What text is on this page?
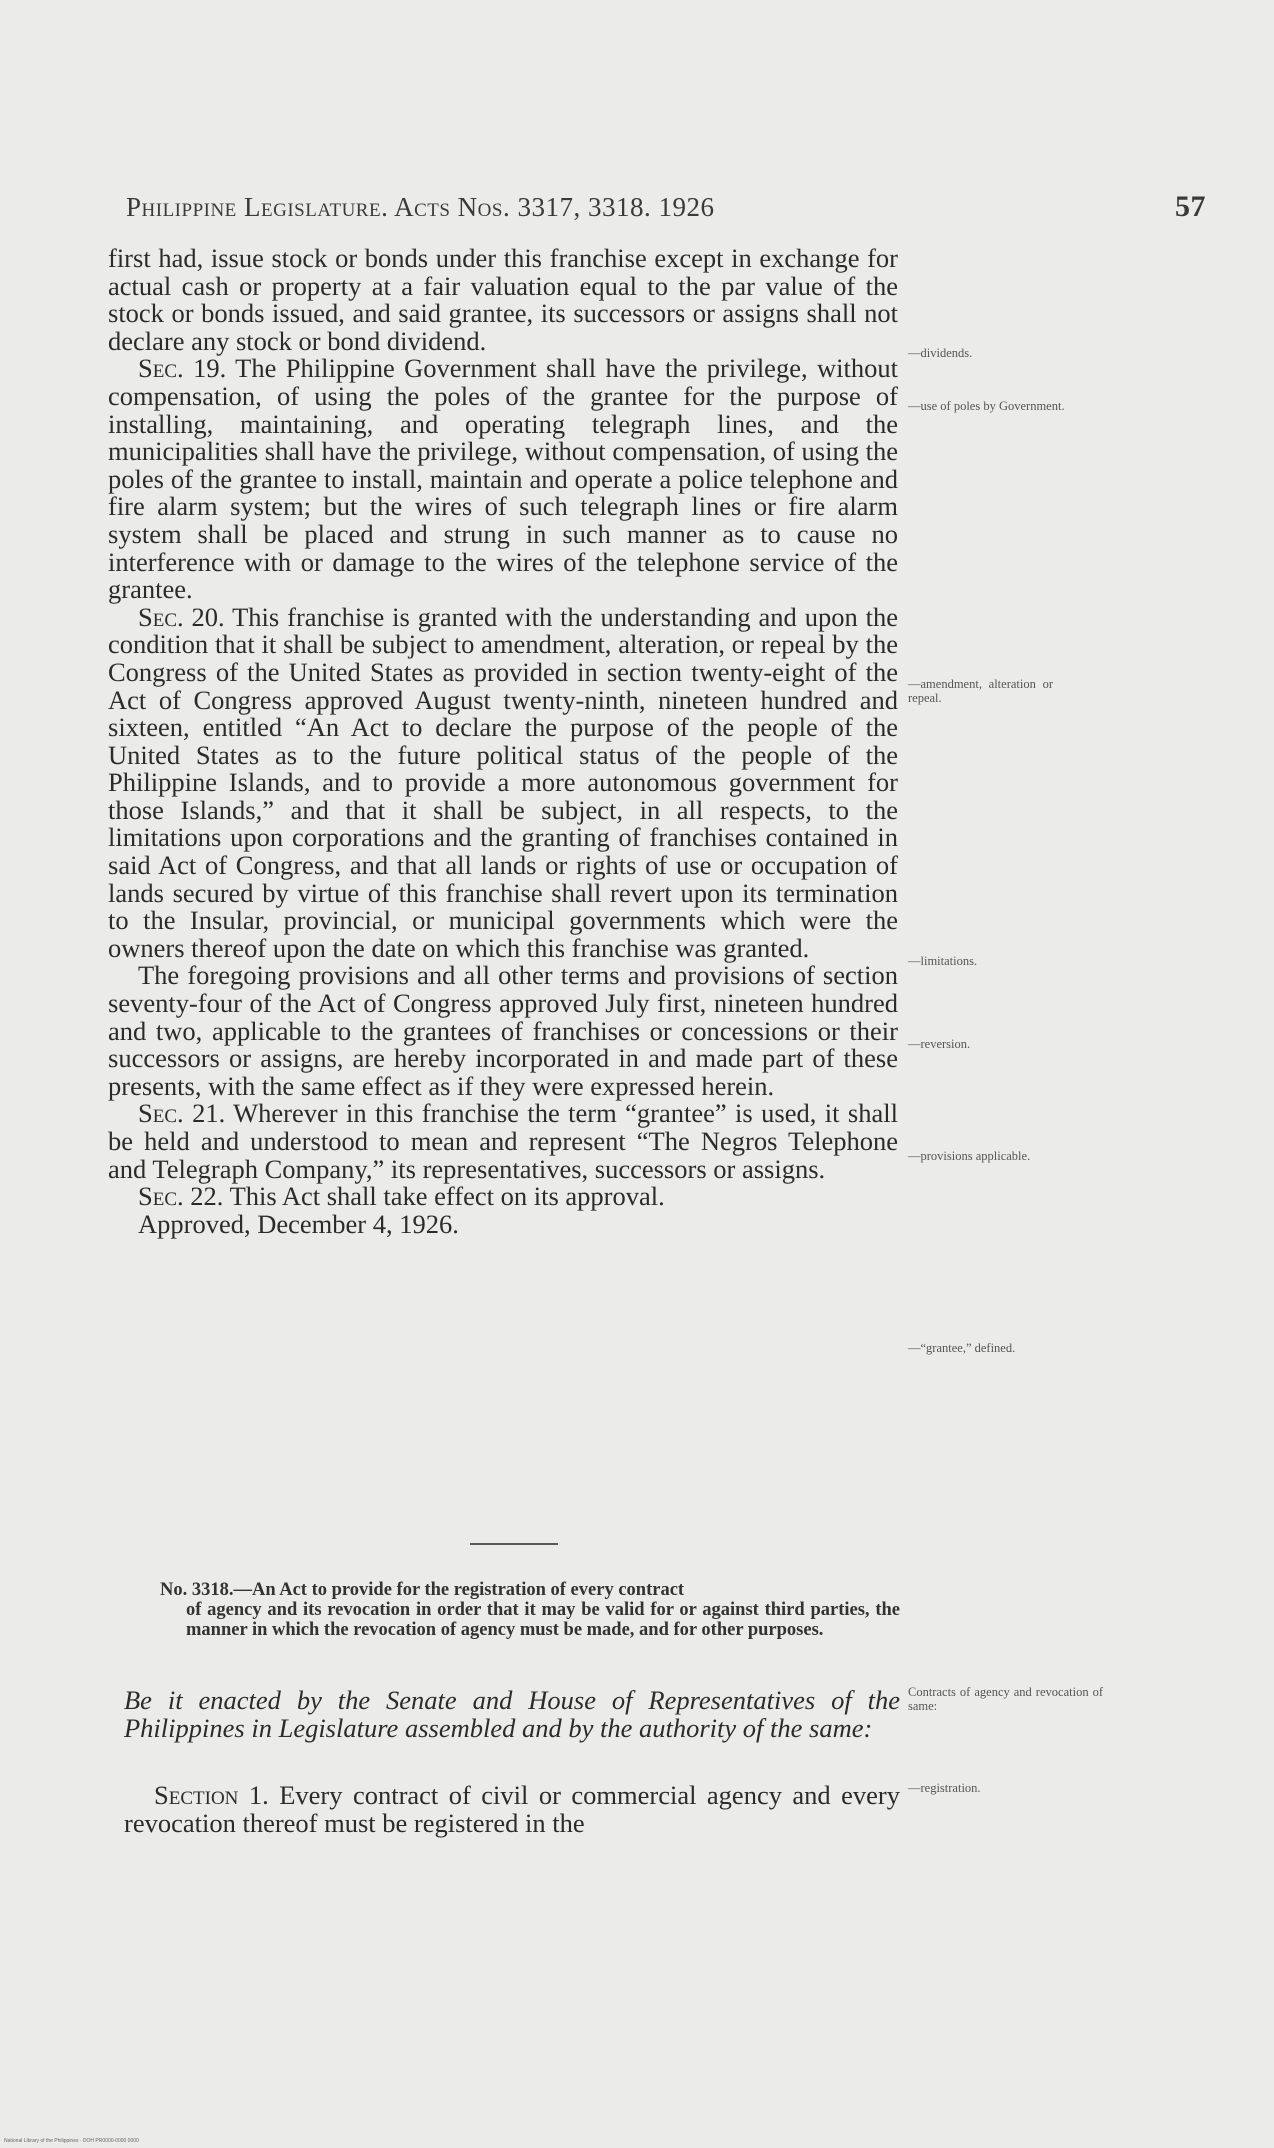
Philippine Legislature. Acts Nos. 3317, 3318. 1926	57

first had, issue stock or bonds under this franchise except in exchange for actual cash or property at a fair valuation equal to the par value of the stock or bonds issued, and said grantee, its successors or assigns shall not declare any stock or bond dividend.

Sec. 19. The Philippine Government shall have the privilege, without compensation, of using the poles of the grantee for the purpose of installing, maintaining, and operating telegraph lines, and the municipalities shall have the privilege, without compensation, of using the poles of the grantee to install, maintain and operate a police telephone and fire alarm system; but the wires of such telegraph lines or fire alarm system shall be placed and strung in such manner as to cause no interference with or damage to the wires of the telephone service of the grantee.

Sec. 20. This franchise is granted with the understanding and upon the condition that it shall be subject to amendment, alteration, or repeal by the Congress of the United States as provided in section twenty-eight of the Act of Congress approved August twenty-ninth, nineteen hundred and sixteen, entitled “An Act to declare the purpose of the people of the United States as to the future political status of the people of the Philippine Islands, and to provide a more autonomous government for those Islands,” and that it shall be subject, in all respects, to the limitations upon corporations and the granting of franchises contained in said Act of Congress, and that all lands or rights of use or occupation of lands secured by virtue of this franchise shall revert upon its termination to the Insular, provincial, or municipal governments which were the owners thereof upon the date on which this franchise was granted.

The foregoing provisions and all other terms and provisions of section seventy-four of the Act of Congress approved July first, nineteen hundred and two, applicable to the grantees of franchises or concessions or their successors or assigns, are hereby incorporated in and made part of these presents, with the same effect as if they were expressed herein.

Sec. 21. Wherever in this franchise the term “grantee” is used, it shall be held and understood to mean and represent “The Negros Telephone and Telegraph Company,” its representatives, successors or assigns.

Sec. 22. This Act shall take effect on its approval.

Approved, December 4, 1926.

—dividends.
—use of poles by Government.
—amendment, alteration or repeal.
—limitations.
—reversion.
—provisions applicable.
—“grantee,” defined.
No. 3318.—An Act to provide for the registration of every contract
of agency and its revocation in order that it may be valid for or against third parties, the manner in which the revocation of agency must be made, and for other purposes.
Be it enacted by the Senate and House of Representatives of the Philippines in Legislature assembled and by the authority of the same:
Contracts of agency and revocation of same:
Section 1. Every contract of civil or commercial agency and every revocation thereof must be registered in the
—registration.
National Library of the Philippines · DOH PR0000-0000 0000
